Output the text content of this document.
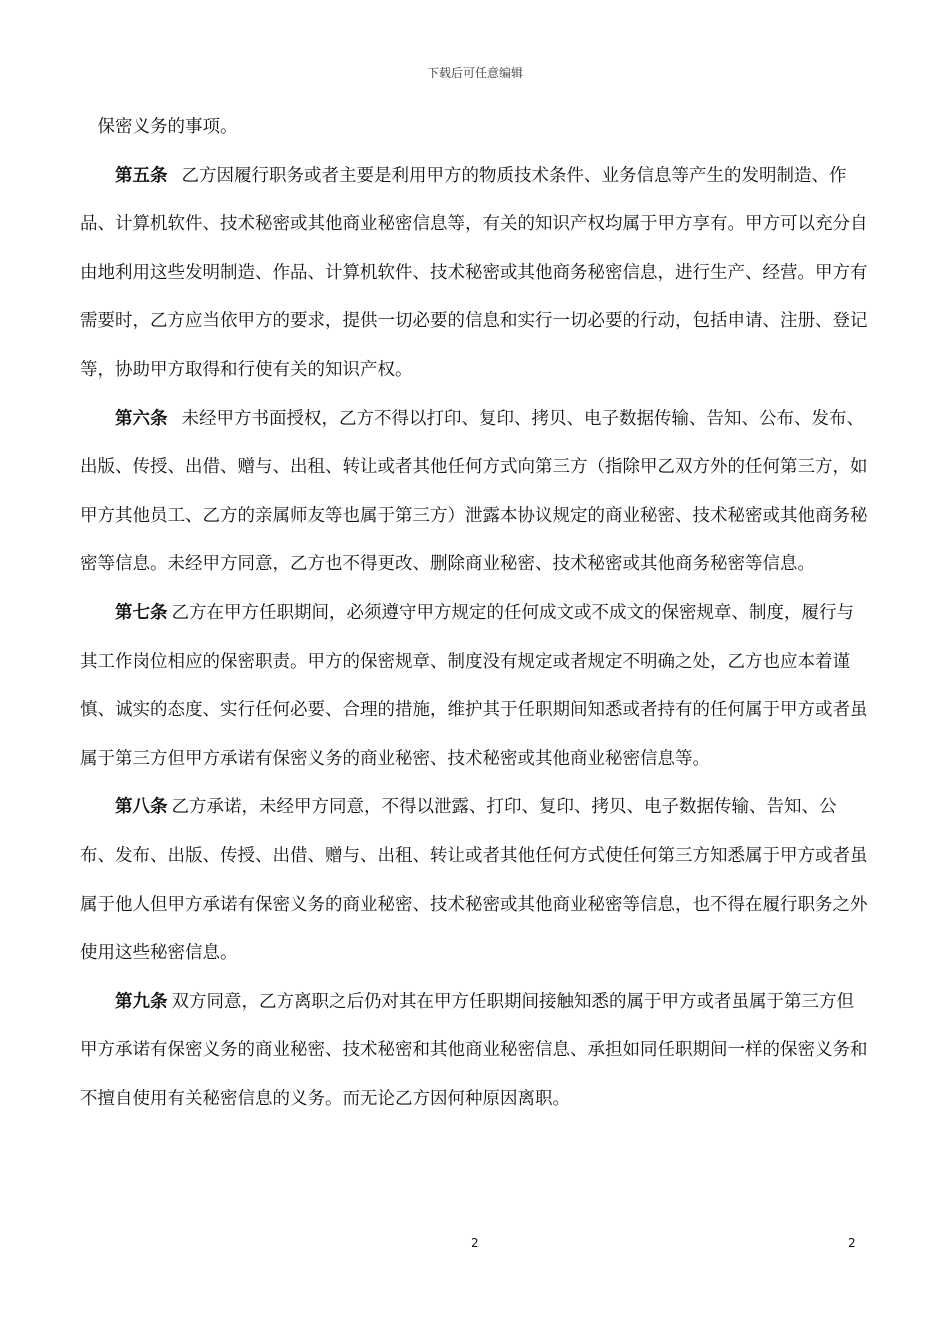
下载后可任意编辑

保密义务的事项。

第五条 乙方因履行职务或者主要是利用甲方的物质技术条件、业务信息等产生的发明制造、作品、计算机软件、技术秘密或其他商业秘密信息等，有关的知识产权均属于甲方享有。甲方可以充分自由地利用这些发明制造、作品、计算机软件、技术秘密或其他商务秘密信息，进行生产、经营。甲方有需要时，乙方应当依甲方的要求，提供一切必要的信息和实行一切必要的行动，包括申请、注册、登记等，协助甲方取得和行使有关的知识产权。

第六条 未经甲方书面授权，乙方不得以打印、复印、拷贝、电子数据传输、告知、公布、发布、出版、传授、出借、赠与、出租、转让或者其他任何方式向第三方（指除甲乙双方外的任何第三方，如甲方其他员工、乙方的亲属师友等也属于第三方）泄露本协议规定的商业秘密、技术秘密或其他商务秘密等信息。未经甲方同意，乙方也不得更改、删除商业秘密、技术秘密或其他商务秘密等信息。

第七条 乙方在甲方任职期间，必须遵守甲方规定的任何成文或不成文的保密规章、制度，履行与其工作岗位相应的保密职责。甲方的保密规章、制度没有规定或者规定不明确之处，乙方也应本着谨慎、诚实的态度、实行任何必要、合理的措施，维护其于任职期间知悉或者持有的任何属于甲方或者虽属于第三方但甲方承诺有保密义务的商业秘密、技术秘密或其他商业秘密信息等。

第八条 乙方承诺，未经甲方同意，不得以泄露、打印、复印、拷贝、电子数据传输、告知、公布、发布、出版、传授、出借、赠与、出租、转让或者其他任何方式使任何第三方知悉属于甲方或者虽属于他人但甲方承诺有保密义务的商业秘密、技术秘密或其他商业秘密等信息，也不得在履行职务之外使用这些秘密信息。

第九条 双方同意，乙方离职之后仍对其在甲方任职期间接触知悉的属于甲方或者虽属于第三方但甲方承诺有保密义务的商业秘密、技术秘密和其他商业秘密信息、承担如同任职期间一样的保密义务和不擅自使用有关秘密信息的义务。而无论乙方因何种原因离职。

2	2
